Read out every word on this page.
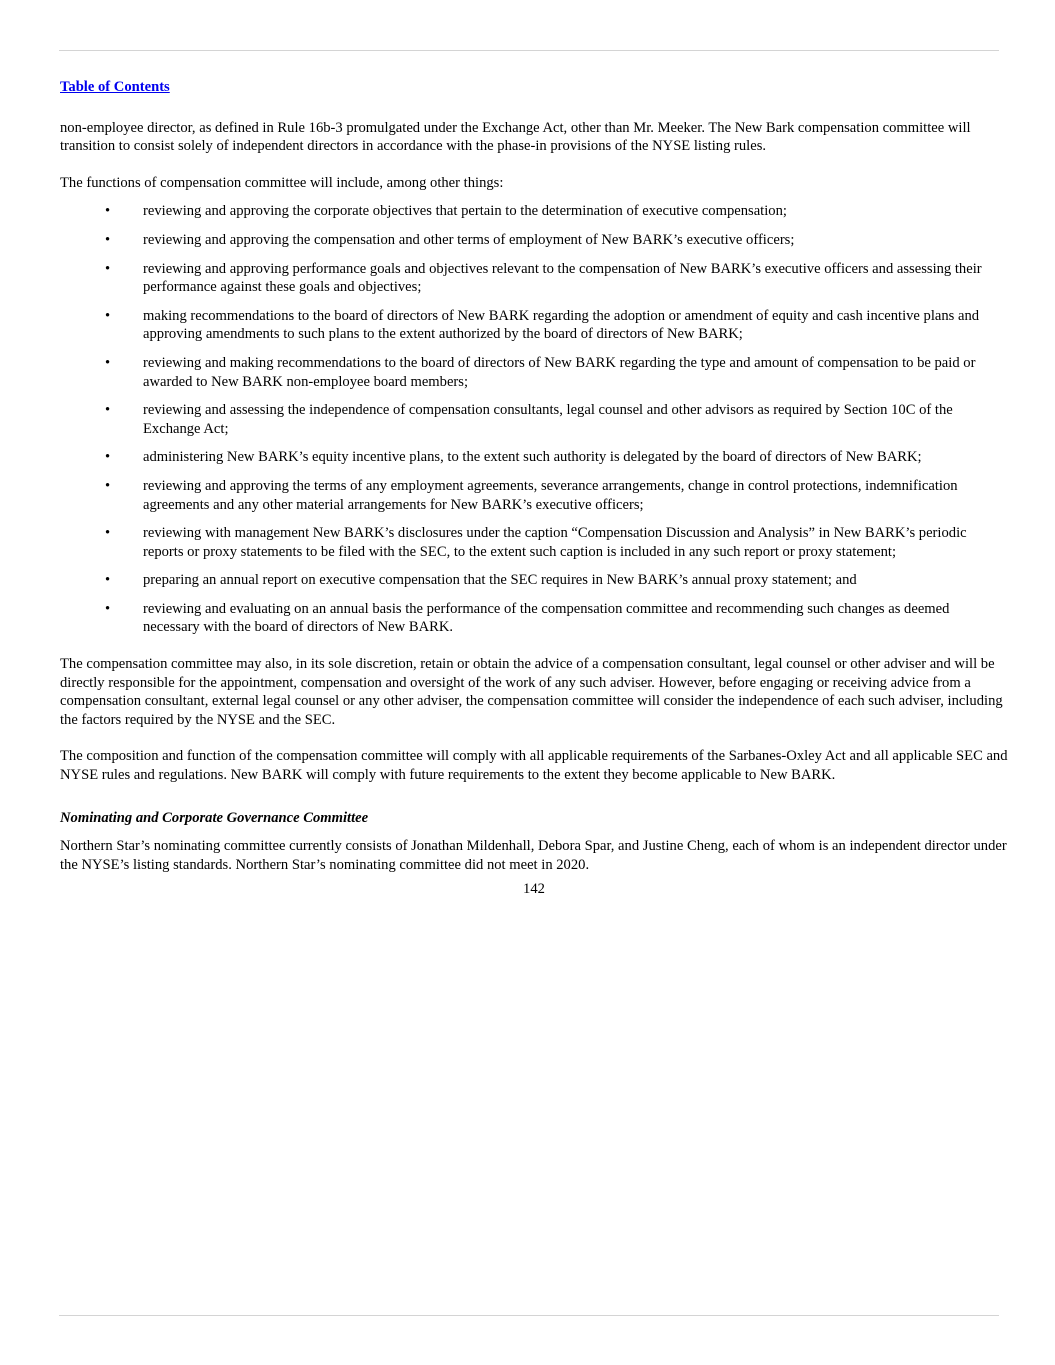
Table of Contents

non-employee director, as defined in Rule 16b-3 promulgated under the Exchange Act, other than Mr. Meeker. The New Bark compensation committee will transition to consist solely of independent directors in accordance with the phase-in provisions of the NYSE listing rules.

The functions of compensation committee will include, among other things:

• reviewing and approving the corporate objectives that pertain to the determination of executive compensation;
• reviewing and approving the compensation and other terms of employment of New BARK’s executive officers;
• reviewing and approving performance goals and objectives relevant to the compensation of New BARK’s executive officers and assessing their performance against these goals and objectives;
• making recommendations to the board of directors of New BARK regarding the adoption or amendment of equity and cash incentive plans and approving amendments to such plans to the extent authorized by the board of directors of New BARK;
• reviewing and making recommendations to the board of directors of New BARK regarding the type and amount of compensation to be paid or awarded to New BARK non-employee board members;
• reviewing and assessing the independence of compensation consultants, legal counsel and other advisors as required by Section 10C of the Exchange Act;
• administering New BARK’s equity incentive plans, to the extent such authority is delegated by the board of directors of New BARK;
• reviewing and approving the terms of any employment agreements, severance arrangements, change in control protections, indemnification agreements and any other material arrangements for New BARK’s executive officers;
• reviewing with management New BARK’s disclosures under the caption “Compensation Discussion and Analysis” in New BARK’s periodic reports or proxy statements to be filed with the SEC, to the extent such caption is included in any such report or proxy statement;
• preparing an annual report on executive compensation that the SEC requires in New BARK’s annual proxy statement; and
• reviewing and evaluating on an annual basis the performance of the compensation committee and recommending such changes as deemed necessary with the board of directors of New BARK.

The compensation committee may also, in its sole discretion, retain or obtain the advice of a compensation consultant, legal counsel or other adviser and will be directly responsible for the appointment, compensation and oversight of the work of any such adviser. However, before engaging or receiving advice from a compensation consultant, external legal counsel or any other adviser, the compensation committee will consider the independence of each such adviser, including the factors required by the NYSE and the SEC.

The composition and function of the compensation committee will comply with all applicable requirements of the Sarbanes-Oxley Act and all applicable SEC and NYSE rules and regulations. New BARK will comply with future requirements to the extent they become applicable to New BARK.

Nominating and Corporate Governance Committee

Northern Star’s nominating committee currently consists of Jonathan Mildenhall, Debora Spar, and Justine Cheng, each of whom is an independent director under the NYSE’s listing standards. Northern Star’s nominating committee did not meet in 2020.

142
